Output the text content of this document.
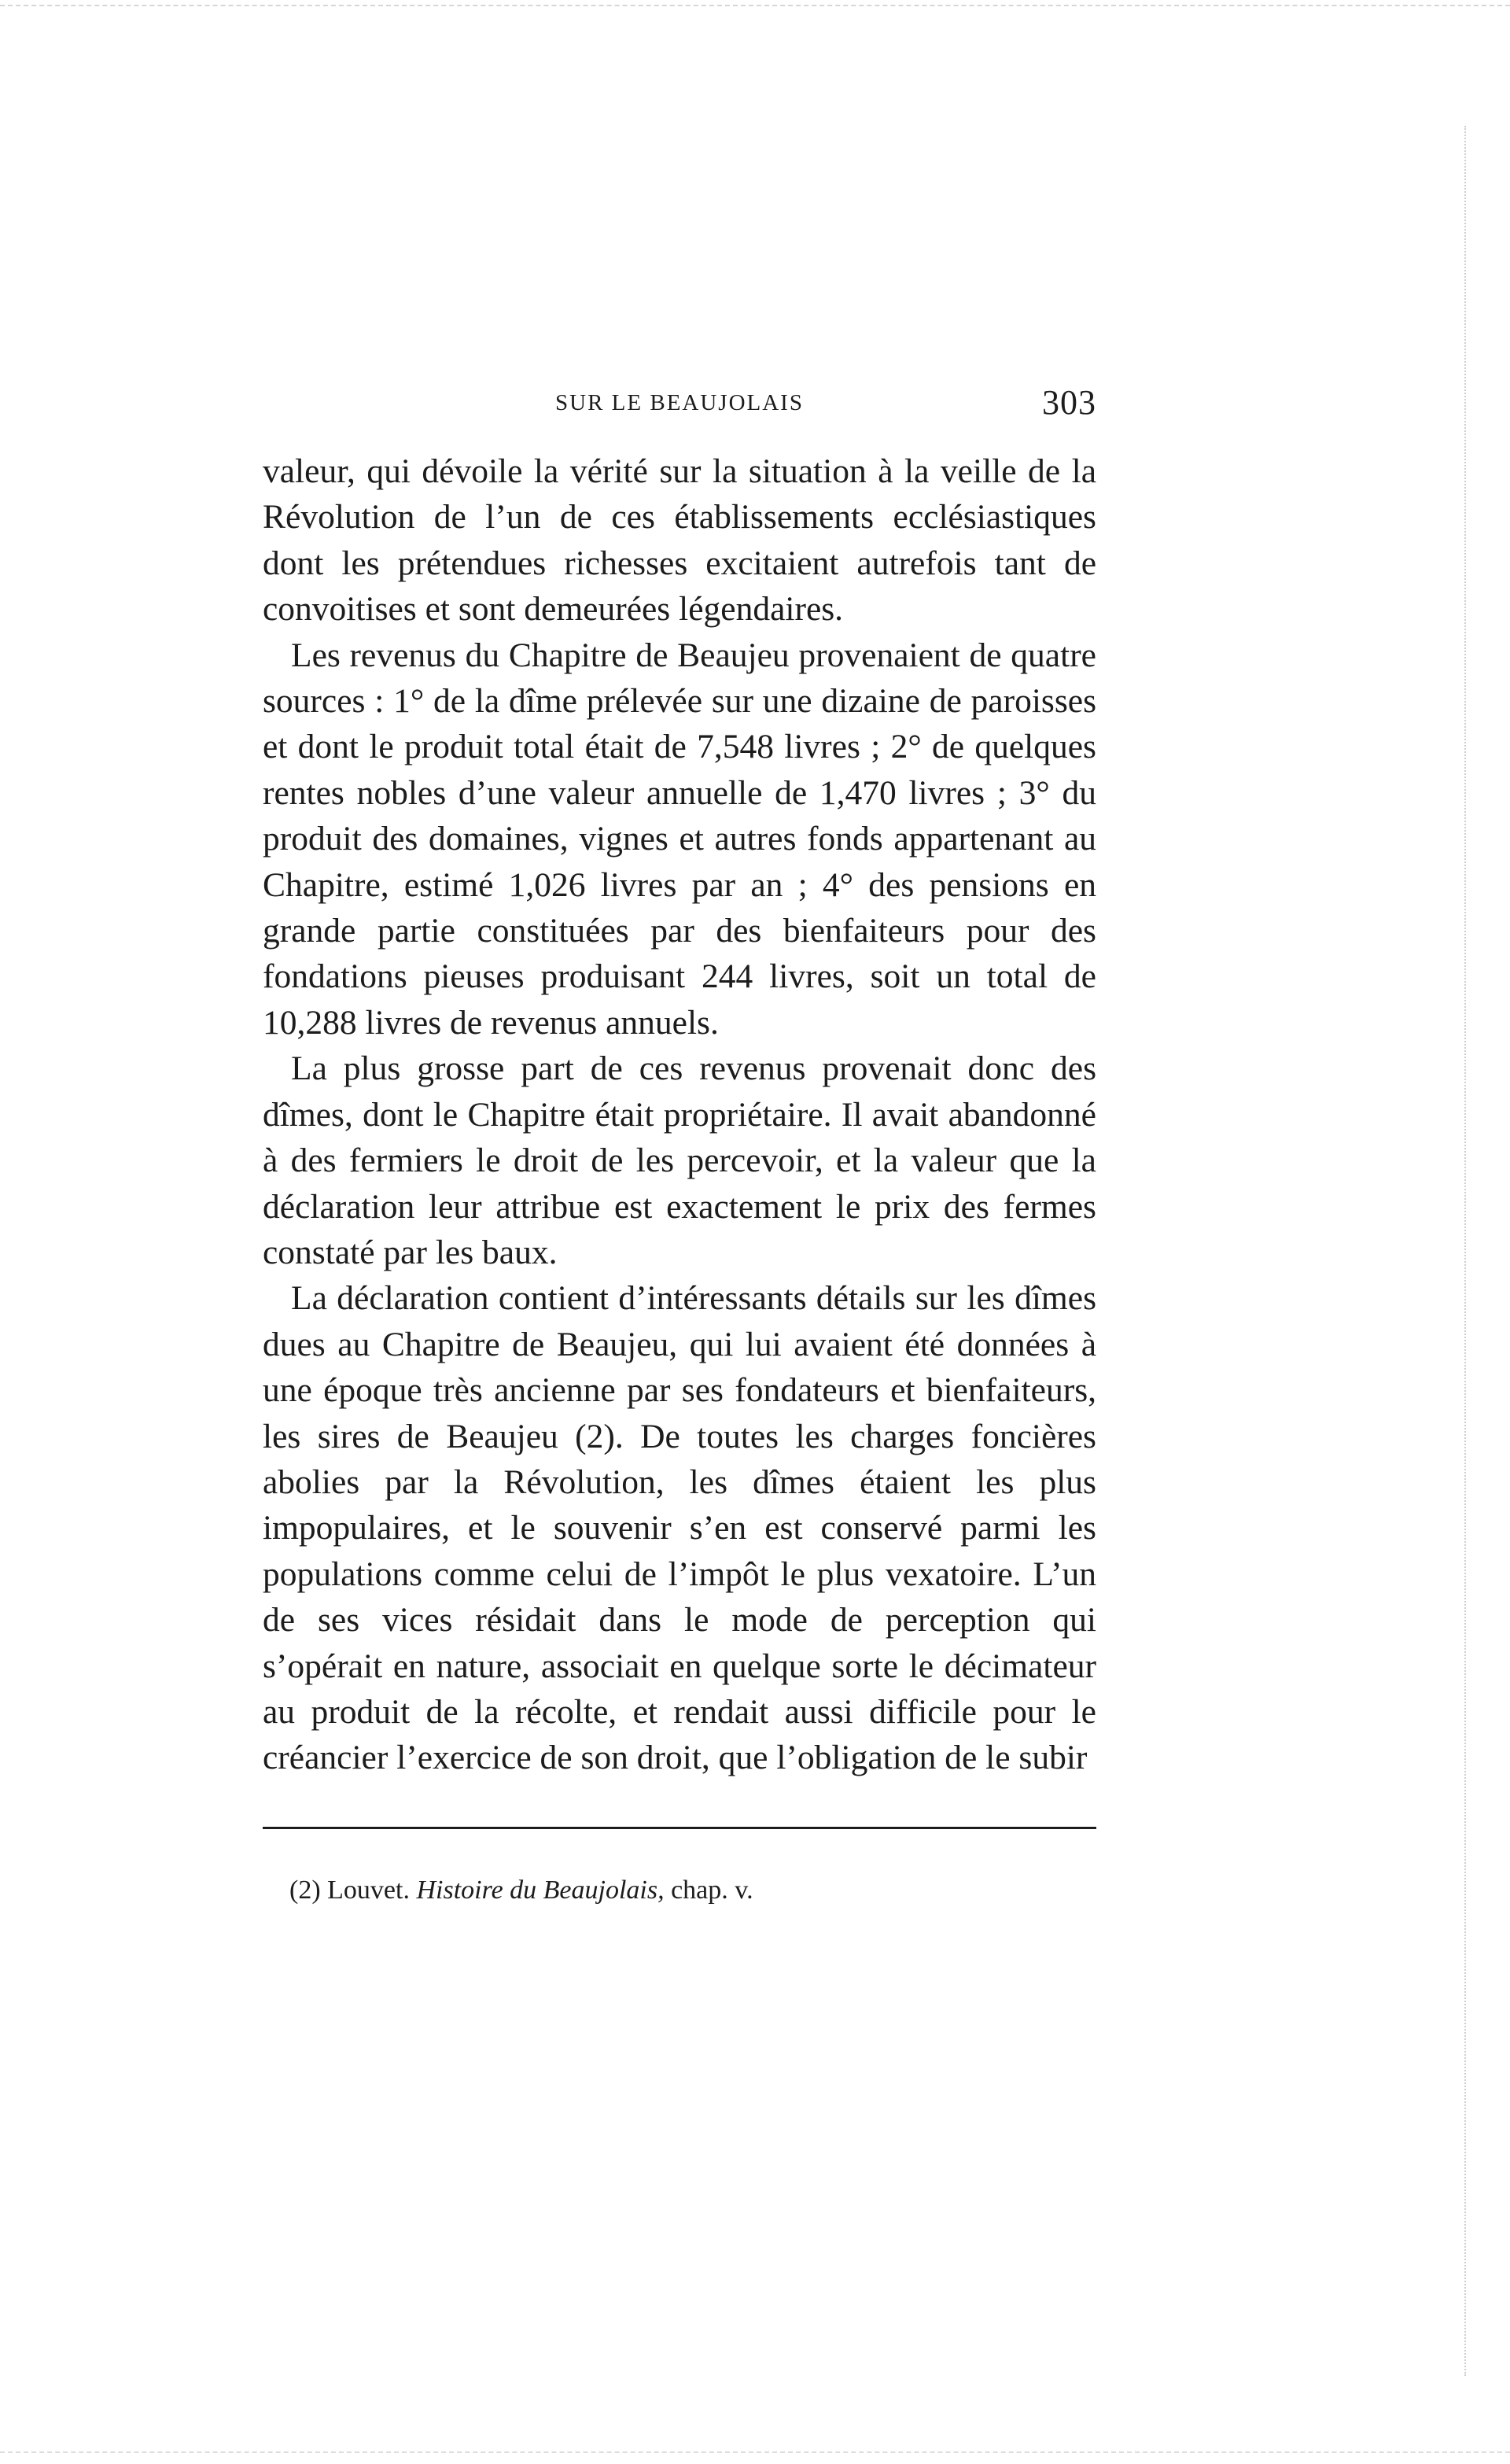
SUR LE BEAUJOLAIS	303

valeur, qui dévoile la vérité sur la situation à la veille de la Révolution de l’un de ces établissements ecclésiastiques dont les prétendues richesses excitaient autrefois tant de convoitises et sont demeurées légendaires.

Les revenus du Chapitre de Beaujeu provenaient de quatre sources : 1° de la dîme prélevée sur une dizaine de paroisses et dont le produit total était de 7,548 livres ; 2° de quelques rentes nobles d’une valeur annuelle de 1,470 livres ; 3° du produit des domaines, vignes et autres fonds appartenant au Chapitre, estimé 1,026 livres par an ; 4° des pensions en grande partie constituées par des bienfaiteurs pour des fondations pieuses produisant 244 livres, soit un total de 10,288 livres de revenus annuels.

La plus grosse part de ces revenus provenait donc des dîmes, dont le Chapitre était propriétaire. Il avait abandonné à des fermiers le droit de les percevoir, et la valeur que la déclaration leur attribue est exactement le prix des fermes constaté par les baux.

La déclaration contient d’intéressants détails sur les dîmes dues au Chapitre de Beaujeu, qui lui avaient été données à une époque très ancienne par ses fondateurs et bienfaiteurs, les sires de Beaujeu (2). De toutes les charges foncières abolies par la Révolution, les dîmes étaient les plus impopulaires, et le souvenir s’en est conservé parmi les populations comme celui de l’impôt le plus vexatoire. L’un de ses vices résidait dans le mode de perception qui s’opérait en nature, associait en quelque sorte le décimateur au produit de la récolte, et rendait aussi difficile pour le créancier l’exercice de son droit, que l’obligation de le subir

(2) Louvet. Histoire du Beaujolais, chap. v.
